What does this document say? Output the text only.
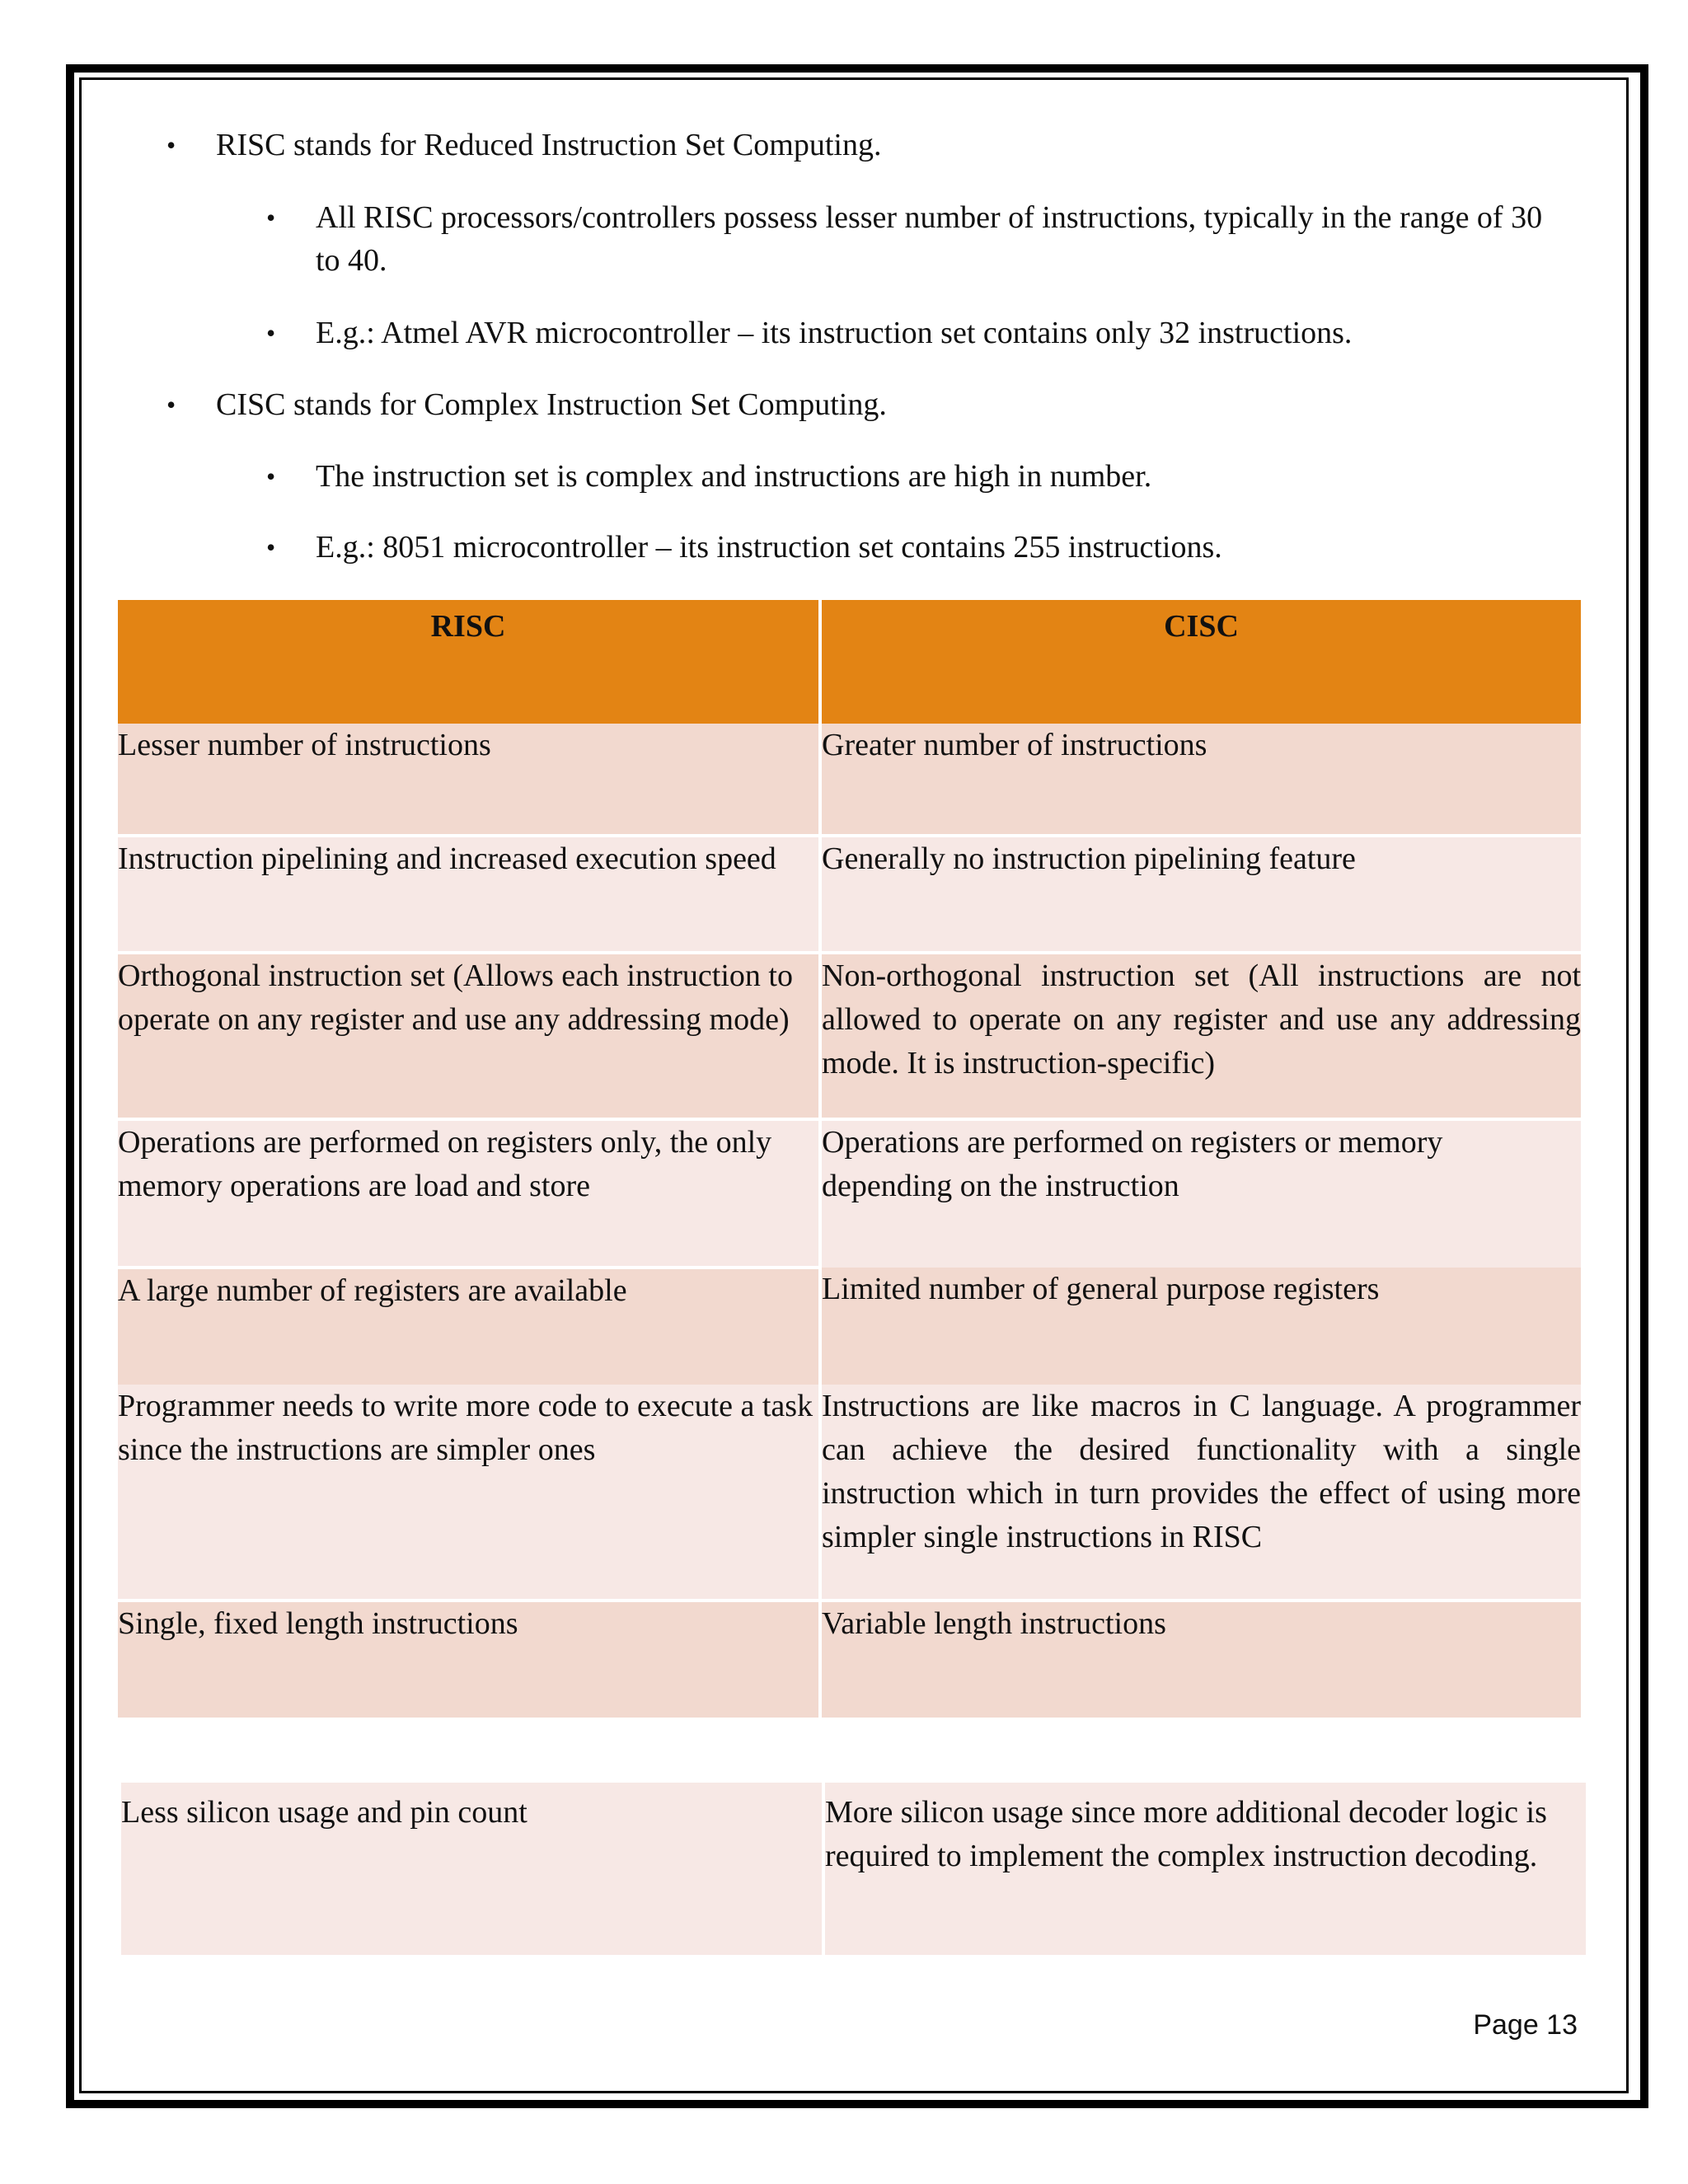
• RISC stands for Reduced Instruction Set Computing.
• All RISC processors/controllers possess lesser number of instructions, typically in the range of 30 to 40.
• E.g.: Atmel AVR microcontroller – its instruction set contains only 32 instructions.
• CISC stands for Complex Instruction Set Computing.
• The instruction set is complex and instructions are high in number.
• E.g.: 8051 microcontroller – its instruction set contains 255 instructions.
RISC	CISC
Lesser number of instructions	Greater number of instructions
Instruction pipelining and increased execution speed	Generally no instruction pipelining feature
Orthogonal instruction set (Allows each instruction to operate on any register and use any addressing mode)	Non-orthogonal instruction set (All instructions are not allowed to operate on any register and use any addressing mode. It is instruction-specific)
Operations are performed on registers only, the only memory operations are load and store	Operations are performed on registers or memory depending on the instruction
A large number of registers are available	Limited number of general purpose registers
Programmer needs to write more code to execute a task since the instructions are simpler ones	Instructions are like macros in C language. A programmer can achieve the desired functionality with a single instruction which in turn provides the effect of using more simpler single instructions in RISC
Single, fixed length instructions	Variable length instructions
Less silicon usage and pin count	More silicon usage since more additional decoder logic is required to implement the complex instruction decoding.
Page 13
